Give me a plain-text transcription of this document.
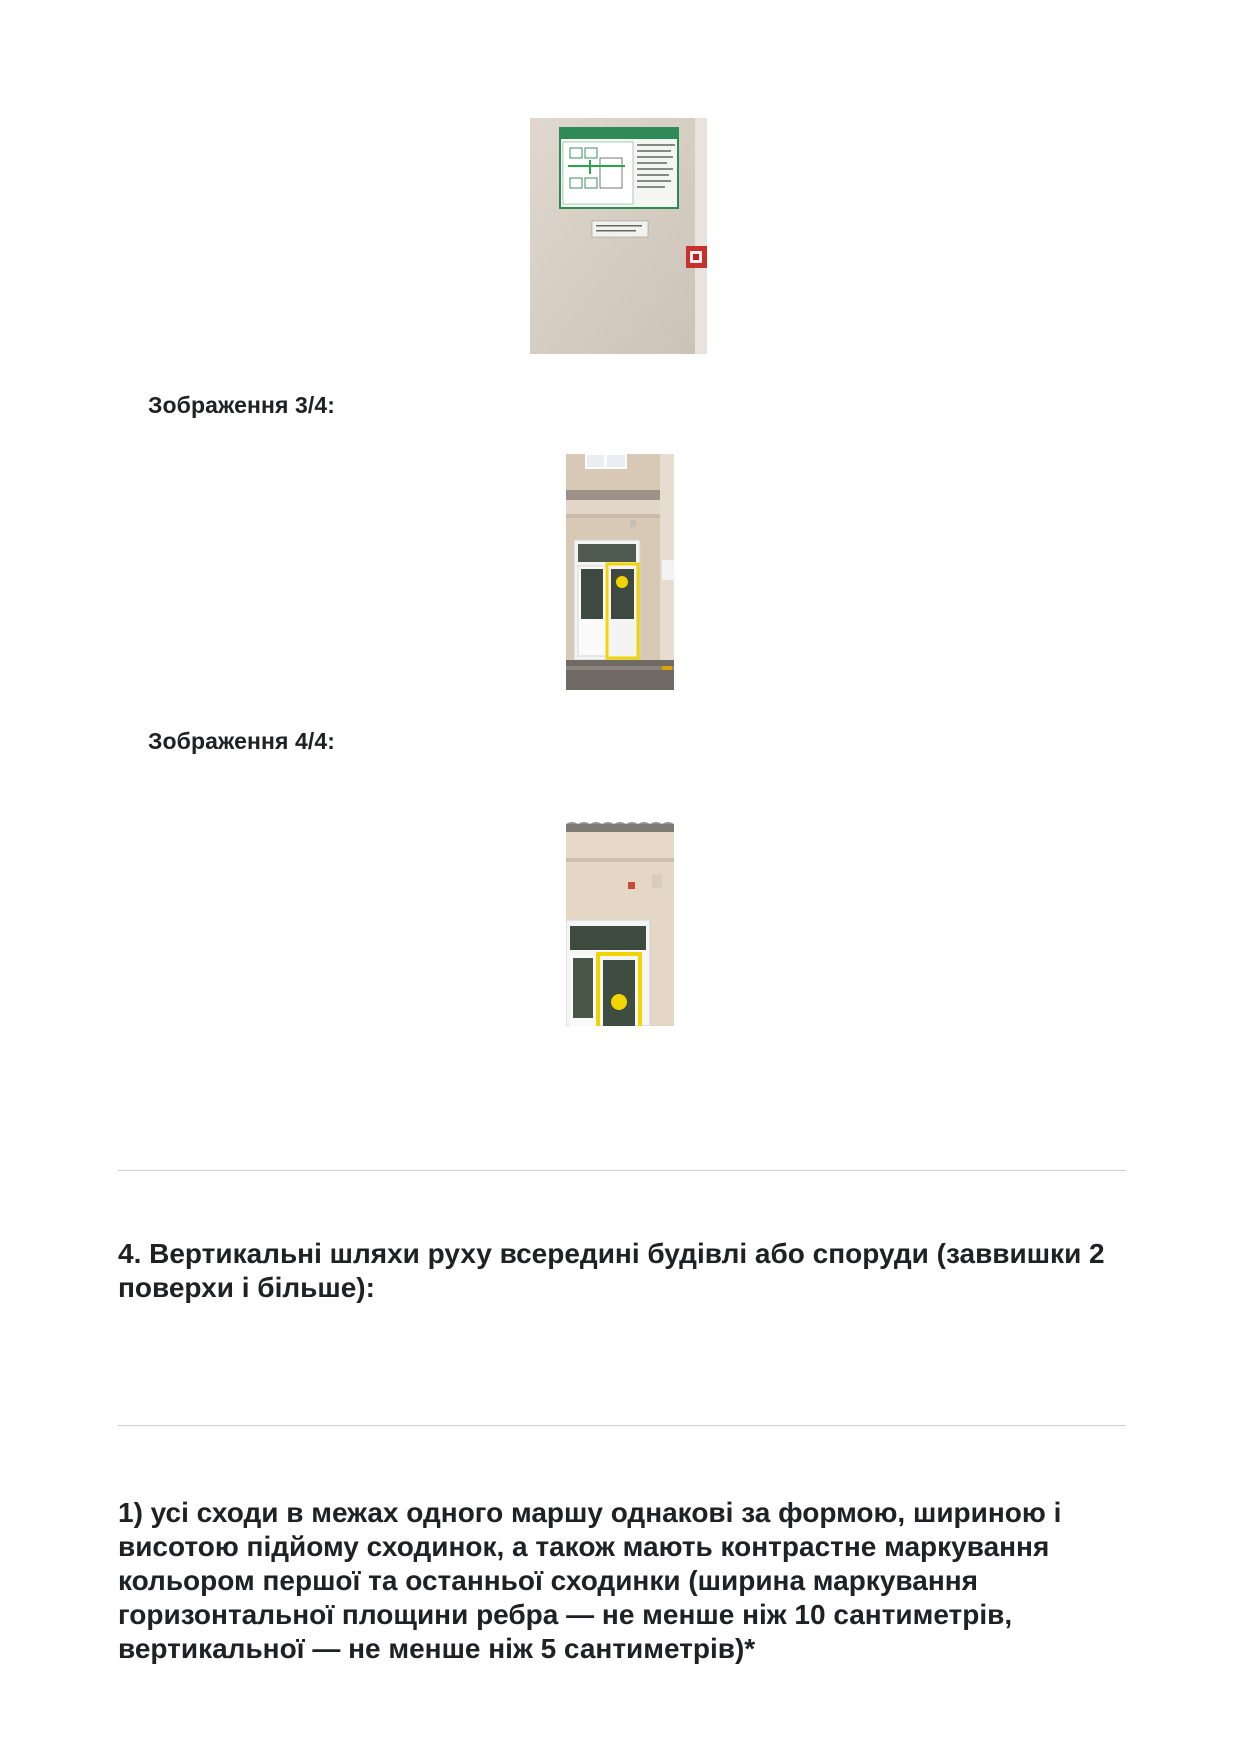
Зображення 3/4:
Зображення 4/4:
4. Вертикальні шляхи руху всередині будівлі або споруди (заввишки 2 поверхи і більше):

1) усі сходи в межах одного маршу однакові за формою, шириною і висотою підйому сходинок, а також мають контрастне маркування кольором першої та останньої сходинки (ширина маркування горизонтальної площини ребра — не менше ніж 10 сантиметрів, вертикальної — не менше ніж 5 сантиметрів)*
